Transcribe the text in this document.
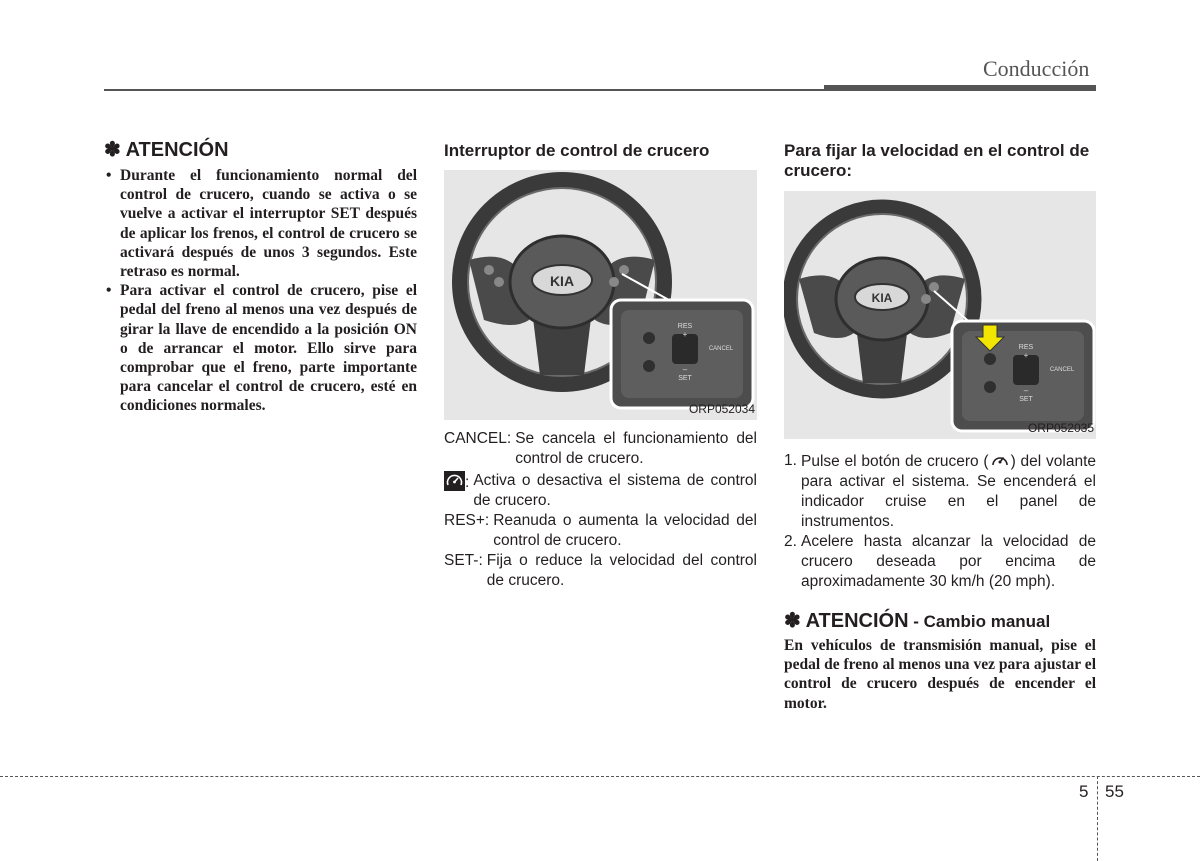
Conducción
✽ ATENCIÓN
• Durante el funcionamiento normal del control de crucero, cuando se activa o se vuelve a activar el interruptor SET después de aplicar los frenos, el control de crucero se activará después de unos 3 segundos. Este retraso es normal.
• Para activar el control de crucero, pise el pedal del freno al menos una vez después de girar la llave de encendido a la posición ON o de arrancar el motor. Ello sirve para comprobar que el freno, parte importante para cancelar el control de crucero, esté en condiciones normales.
Interruptor de control de crucero
KIA
RES
+
–
SET
CANCEL
ORP052034
CANCEL: Se cancela el funcionamiento del control de crucero.
: Activa o desactiva el sistema de control de crucero.
RES+: Reanuda o aumenta la velocidad del control de crucero.
SET-: Fija o reduce la velocidad del control de crucero.
Para fijar la velocidad en el control de crucero:
KIA
RES
+
–
SET
CANCEL
ORP052035
1. Pulse el botón de crucero ( ) del volante para activar el sistema. Se encenderá el indicador cruise en el panel de instrumentos.
2. Acelere hasta alcanzar la velocidad de crucero deseada por encima de aproximadamente 30 km/h (20 mph).
✽ ATENCIÓN - Cambio manual

En vehículos de transmisión manual, pise el pedal de freno al menos una vez para ajustar el control de crucero después de encender el motor.

5 55
